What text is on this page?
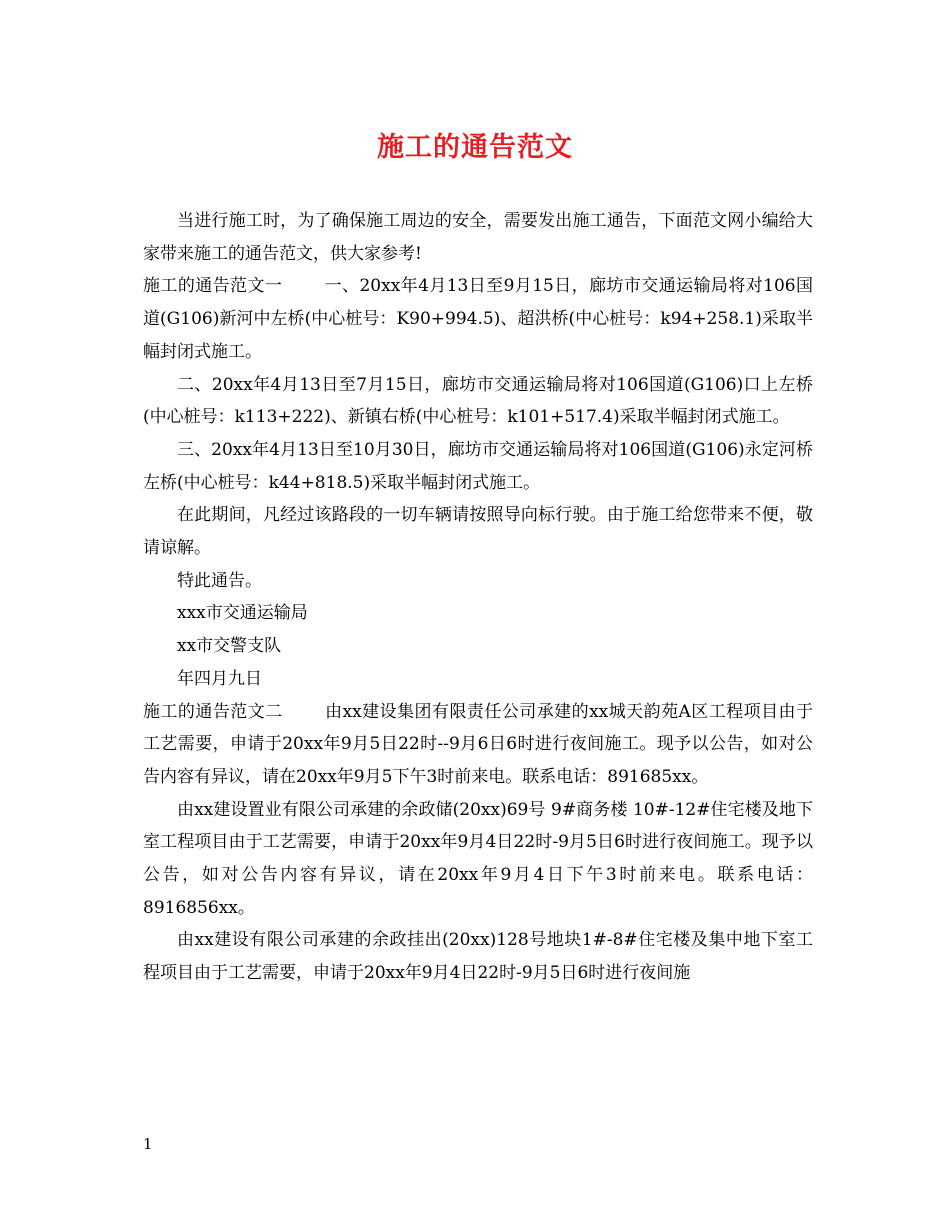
施工的通告范文

当进行施工时，为了确保施工周边的安全，需要发出施工通告，下面范文网小编给大家带来施工的通告范文，供大家参考!

施工的通告范文一 一、20xx年4月13日至9月15日，廊坊市交通运输局将对106国道(G106)新河中左桥(中心桩号：K90+994.5)、超洪桥(中心桩号：k94+258.1)采取半幅封闭式施工。

二、20xx年4月13日至7月15日，廊坊市交通运输局将对106国道(G106)口上左桥(中心桩号：k113+222)、新镇右桥(中心桩号：k101+517.4)采取半幅封闭式施工。

三、20xx年4月13日至10月30日，廊坊市交通运输局将对106国道(G106)永定河桥左桥(中心桩号：k44+818.5)采取半幅封闭式施工。

在此期间，凡经过该路段的一切车辆请按照导向标行驶。由于施工给您带来不便，敬请谅解。

特此通告。

xxx市交通运输局

xx市交警支队

年四月九日

施工的通告范文二 由xx建设集团有限责任公司承建的xx城天韵苑A区工程项目由于工艺需要，申请于20xx年9月5日22时--9月6日6时进行夜间施工。现予以公告，如对公告内容有异议，请在20xx年9月5下午3时前来电。联系电话：891685xx。

由xx建设置业有限公司承建的余政储(20xx)69号 9#商务楼 10#-12#住宅楼及地下室工程项目由于工艺需要，申请于20xx年9月4日22时-9月5日6时进行夜间施工。现予以公告，如对公告内容有异议，请在20xx年9月4日下午3时前来电。联系电话：8916856xx。

由xx建设有限公司承建的余政挂出(20xx)128号地块1#-8#住宅楼及集中地下室工程项目由于工艺需要，申请于20xx年9月4日22时-9月5日6时进行夜间施

1
